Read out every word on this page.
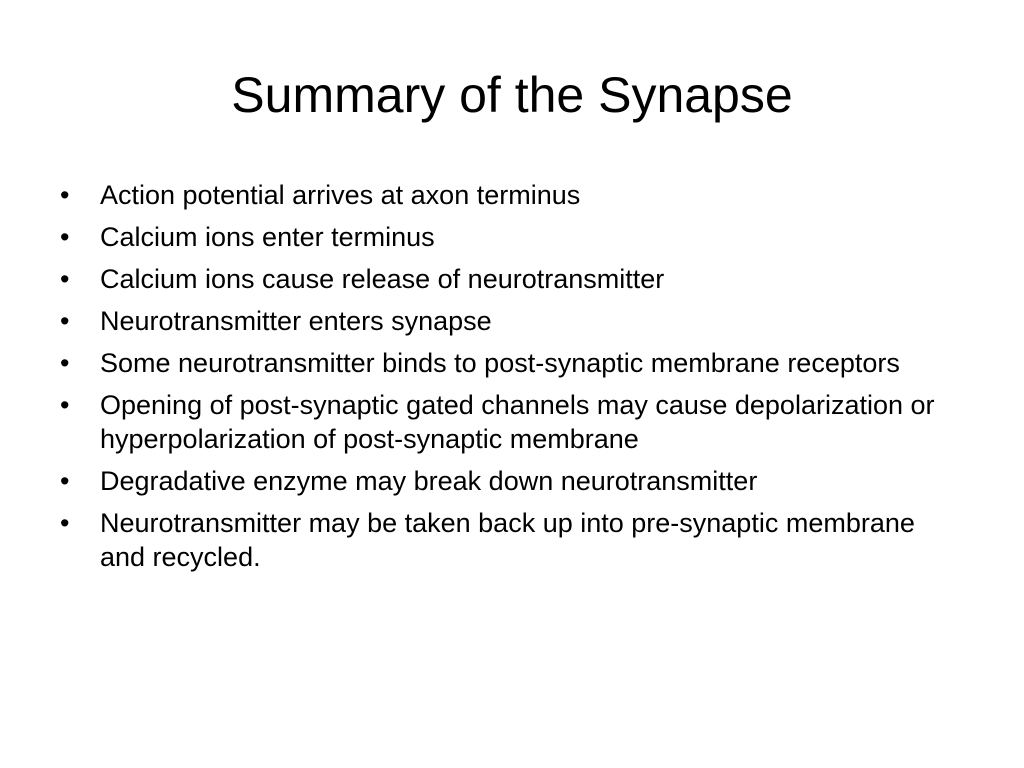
Summary of the Synapse
•	Action potential arrives at axon terminus
•	Calcium ions enter terminus
•	Calcium ions cause release of neurotransmitter
•	Neurotransmitter enters synapse
•	Some neurotransmitter binds to post-synaptic membrane receptors
•	Opening of post-synaptic gated channels may cause depolarization or hyperpolarization of post-synaptic membrane
•	Degradative enzyme may break down neurotransmitter
•	Neurotransmitter may be taken back up into pre-synaptic membrane and recycled.
